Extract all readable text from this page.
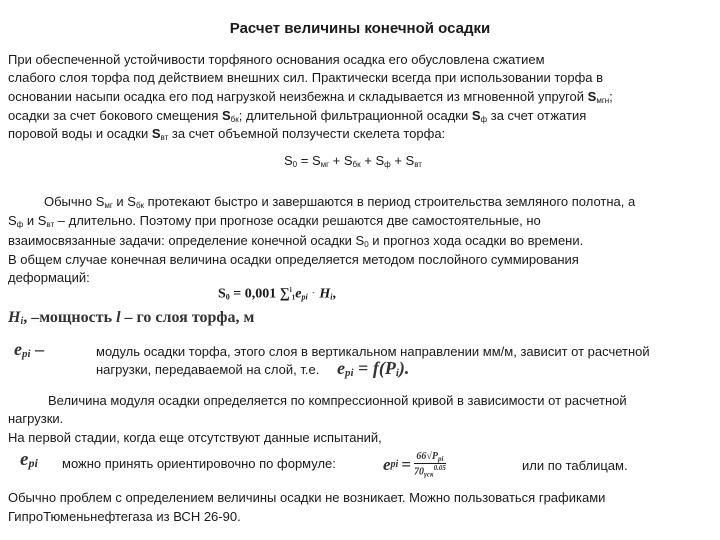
Расчет величины конечной осадки
При обеспеченной устойчивости торфяного основания осадка его обусловлена сжатием
слабого слоя торфа под действием внешних сил. Практически всегда при использовании торфа в
основании насыпи осадка его под нагрузкой неизбежна и складывается из мгновенной упругой $S_{мгн}$;
осадки за счет бокового смещения $S_{бк}$; длительной фильтрационной осадки $S_ф$ за счет отжатия
поровой воды и осадки $S_{вт}$ за счет объемной ползучести скелета торфа:
$S_0 = S_{мг} + S_{бк} + S_ф + S_{вт}$
Обычно $S_{мг}$ и $S_{бк}$ протекают быстро и завершаются в период строительства земляного полотна, а
$S_ф$ и $S_{вт}$ – длительно. Поэтому при прогнозе осадки решаются две самостоятельные, но
взаимосвязанные задачи: определение конечной осадки $S_0$ и прогноз хода осадки во времени.
В общем случае конечная величина осадки определяется методом послойного суммирования
деформаций:
$S_0 = 0,001$ $\sum^i_1e_{pi} \cdot H_i$,
$H_i$, –мощность l – го слоя торфа, м
$e_{pi}$ –	модуль осадки торфа, этого слоя в вертикальном направлении мм/м, зависит от расчетной
нагрузки, передаваемой на слой, т.е. $e_{pi} = f(P_i)$.
Величина модуля осадки определяется по компрессионной кривой в зависимости от расчетной
нагрузки.
На первой стадии, когда еще отсутствуют данные испытаний,
$e_{pi}$ можно принять ориентировочно по формуле:	e pi = $\frac{66√P_{pi}}{70_{\gamma ск}^{0.05}}$	или по таблицам.
Обычно проблем с определением величины осадки не возникает. Можно пользоваться графиками
ГипроТюменьнефтегаза из ВСН 26-90.
